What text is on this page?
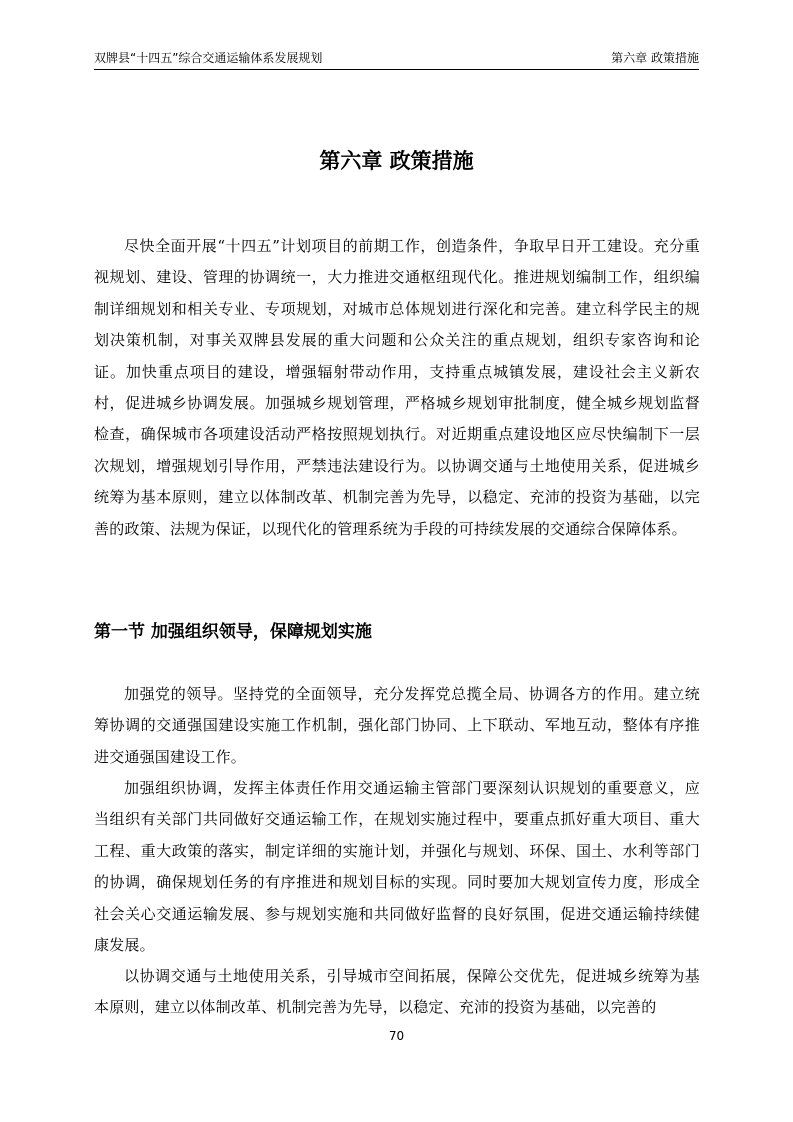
双牌县“十四五”综合交通运输体系发展规划	第六章 政策措施
第六章 政策措施

尽快全面开展“十四五”计划项目的前期工作，创造条件，争取早日开工建设。充分重视规划、建设、管理的协调统一，大力推进交通枢纽现代化。推进规划编制工作，组织编制详细规划和相关专业、专项规划，对城市总体规划进行深化和完善。建立科学民主的规划决策机制，对事关双牌县发展的重大问题和公众关注的重点规划，组织专家咨询和论证。加快重点项目的建设，增强辐射带动作用，支持重点城镇发展，建设社会主义新农村，促进城乡协调发展。加强城乡规划管理，严格城乡规划审批制度，健全城乡规划监督检查，确保城市各项建设活动严格按照规划执行。对近期重点建设地区应尽快编制下一层次规划，增强规划引导作用，严禁违法建设行为。以协调交通与土地使用关系，促进城乡统筹为基本原则，建立以体制改革、机制完善为先导，以稳定、充沛的投资为基础，以完善的政策、法规为保证，以现代化的管理系统为手段的可持续发展的交通综合保障体系。

第一节 加强组织领导，保障规划实施

加强党的领导。坚持党的全面领导，充分发挥党总揽全局、协调各方的作用。建立统筹协调的交通强国建设实施工作机制，强化部门协同、上下联动、军地互动，整体有序推进交通强国建设工作。

加强组织协调，发挥主体责任作用交通运输主管部门要深刻认识规划的重要意义，应当组织有关部门共同做好交通运输工作，在规划实施过程中，要重点抓好重大项目、重大工程、重大政策的落实，制定详细的实施计划，并强化与规划、环保、国土、水利等部门的协调，确保规划任务的有序推进和规划目标的实现。同时要加大规划宣传力度，形成全社会关心交通运输发展、参与规划实施和共同做好监督的良好氛围，促进交通运输持续健康发展。

以协调交通与土地使用关系，引导城市空间拓展，保障公交优先，促进城乡统筹为基本原则，建立以体制改革、机制完善为先导，以稳定、充沛的投资为基础，以完善的

70
